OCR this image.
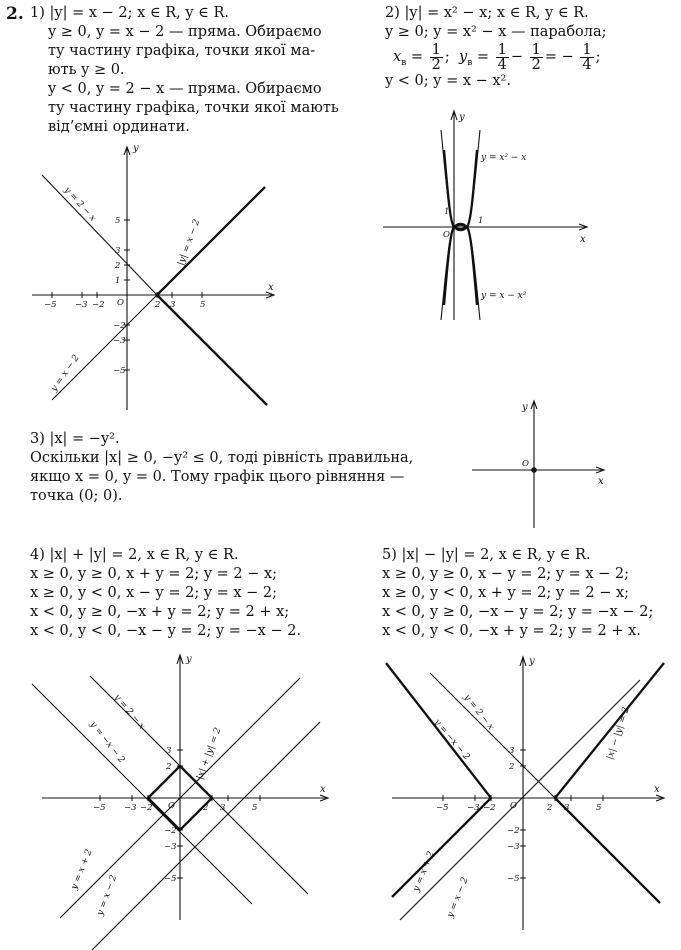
2. 1) |y| = x − 2; x ∈ R, y ∈ R.
y ≥ 0, y = x − 2 — пряма. Обираємо
ту частину графіка, точки якої ма-
ють y ≥ 0.
y < 0, y = 2 − x — пряма. Обираємо
ту частину графіка, точки якої мають
від’ємні ординати.
2) |y| = x² − x; x ∈ R, y ∈ R.
y ≥ 0; y = x² − x — парабола;
$x_в = \frac{1}{2}$ ; $y_в = \frac{1}{4} - \frac{1}{2}$ = − $\frac{1}{4}$ ;
y < 0; y = x − x².
x
y
O
−5 −3 −2	2 3	5
5
3
2
1
−2
−3
−5
y = 2 − x
|y| = x − 2
y = x − 2
x
y
O
1
1
y = x² − x
y = x − x²
3) |x| = −y².
Оскільки |x| ≥ 0, −y² ≤ 0, тоді рівність правильна,
якщо x = 0, y = 0. Тому графік цього рівняння —
точка (0; 0).
x
y
O
4) |x| + |y| = 2, x ∈ R, y ∈ R.
x ≥ 0, y ≥ 0, x + y = 2; y = 2 − x;
x ≥ 0, y < 0, x − y = 2; y = x − 2;
x < 0, y ≥ 0, −x + y = 2; y = 2 + x;
x < 0, y < 0, −x − y = 2; y = −x − 2.
5) |x| − |y| = 2, x ∈ R, y ∈ R.
x ≥ 0, y ≥ 0, x − y = 2; y = x − 2;
x ≥ 0, y < 0, x + y = 2; y = 2 − x;
x < 0, y ≥ 0, −x − y = 2; y = −x − 2;
x < 0, y < 0, −x + y = 2; y = 2 + x.
x
y
O
−5 −3 −2	2 3	5
3
2
−2
−3
−5
y = 2 − x
y = −x − 2	|x| + |y| = 2
y = x + 2
y = x − 2
x
y
O
−5 −3 −2	2 3	5
3
2
−2
−3
−5
y = 2 − x
y = −x − 2	|x| − |y| = 2
y = x + 2
y = x − 2
